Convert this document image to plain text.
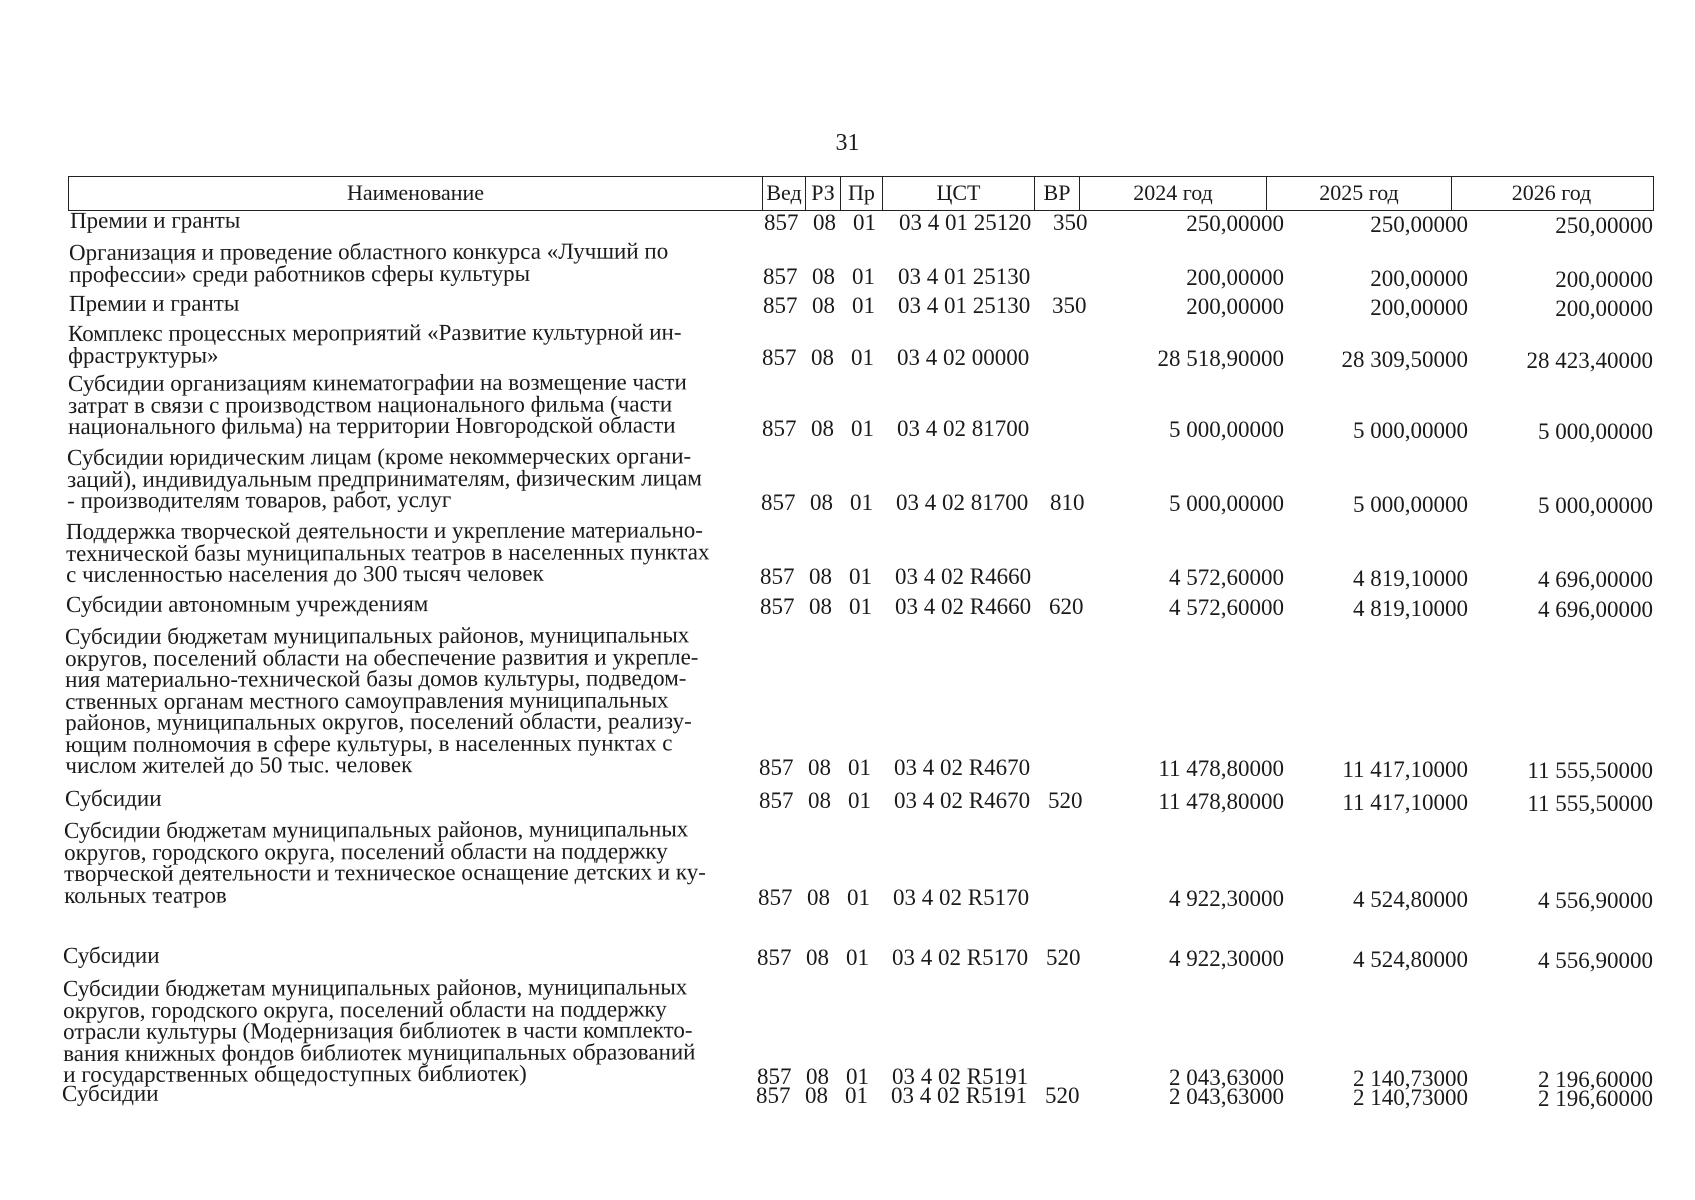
31
Наименование	Вед РЗ Пр	ЦСТ	ВР	2024 год	2025 год	2026 год
Премии и гранты	857 08 01	03 4 01 25120 350	250,00000	250,00000	250,00000
Организация и проведение областного конкурса «Лучший по
профессии» среди работников сферы культуры	857 08 01	03 4 01 25130	200,00000	200,00000	200,00000
Премии и гранты	857 08 01	03 4 01 25130 350	200,00000	200,00000	200,00000
Комплекс процессных мероприятий «Развитие культурной ин-
фраструктуры»	857 08 01	03 4 02 00000	28 518,90000	28 309,50000	28 423,40000
Субсидии организациям кинематографии на возмещение части
затрат в связи с производством национального фильма (части
национального фильма) на территории Новгородской области	857 08 01	03 4 02 81700	5 000,00000	5 000,00000	5 000,00000
Субсидии юридическим лицам (кроме некоммерческих органи-
заций), индивидуальным предпринимателям, физическим лицам
- производителям товаров, работ, услуг	857 08 01	03 4 02 81700 810	5 000,00000	5 000,00000	5 000,00000
Поддержка творческой деятельности и укрепление материально-
технической базы муниципальных театров в населенных пунктах
с численностью населения до 300 тысяч человек	857 08 01	03 4 02 R4660	4 572,60000	4 819,10000	4 696,00000
Субсидии автономным учреждениям	857 08 01	03 4 02 R4660 620	4 572,60000	4 819,10000	4 696,00000
Субсидии бюджетам муниципальных районов, муниципальных
округов, поселений области на обеспечение развития и укрепле-
ния материально-технической базы домов культуры, подведом-
ственных органам местного самоуправления муниципальных
районов, муниципальных округов, поселений области, реализу-
ющим полномочия в сфере культуры, в населенных пунктах с
числом жителей до 50 тыс. человек	857 08 01	03 4 02 R4670	11 478,80000	11 417,10000	11 555,50000
Субсидии	857 08 01	03 4 02 R4670 520	11 478,80000	11 417,10000	11 555,50000
Субсидии бюджетам муниципальных районов, муниципальных
округов, городского округа, поселений области на поддержку
творческой деятельности и техническое оснащение детских и ку-
кольных театров	857 08 01	03 4 02 R5170	4 922,30000	4 524,80000	4 556,90000
Субсидии	857 08 01	03 4 02 R5170 520	4 922,30000	4 524,80000	4 556,90000
Субсидии бюджетам муниципальных районов, муниципальных
округов, городского округа, поселений области на поддержку
отрасли культуры (Модернизация библиотек в части комплекто-
вания книжных фондов библиотек муниципальных образований
и государственных общедоступных библиотек)	857 08 01	03 4 02 R5191	2 043,63000	2 140,73000	2 196,60000
Субсидии	857 08 01	03 4 02 R5191 520	2 043,63000	2 140,73000	2 196,60000
